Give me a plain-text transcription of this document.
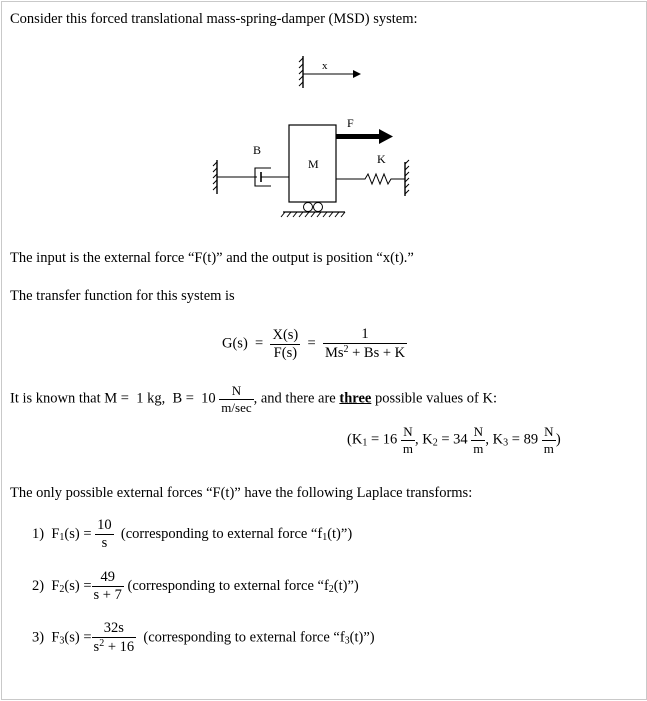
Consider this forced translational mass-spring-damper (MSD) system:
x
F
M
B
K
The input is the external force “F(t)” and the output is position “x(t).”
The transfer function for this system is
$G(s) = \frac{X(s)}{F(s)} = \frac{1}{Ms^2 + Bs + K}$
It is known that M =  1 kg,  $B = 10 \frac{N}{m/\sec}$ , and there are three possible values of K:
($K_1 = 16 \frac{N}{m}$ , $K_2 = 34 \frac{N}{m}$ , $K_3 = 89 \frac{N}{m}$ )
The only possible external forces “F(t)” have the following Laplace transforms:
1) $F_1(s) = \frac{10}{s}$ (corresponding to external force “$f_1(t)$”)
2) $F_2(s) = \frac{49}{s + 7}$ (corresponding to external force “$f_2(t)$”)
3) $F_3(s) = \frac{32s}{s^2 + 16}$ (corresponding to external force “$f_3(t)$”)
